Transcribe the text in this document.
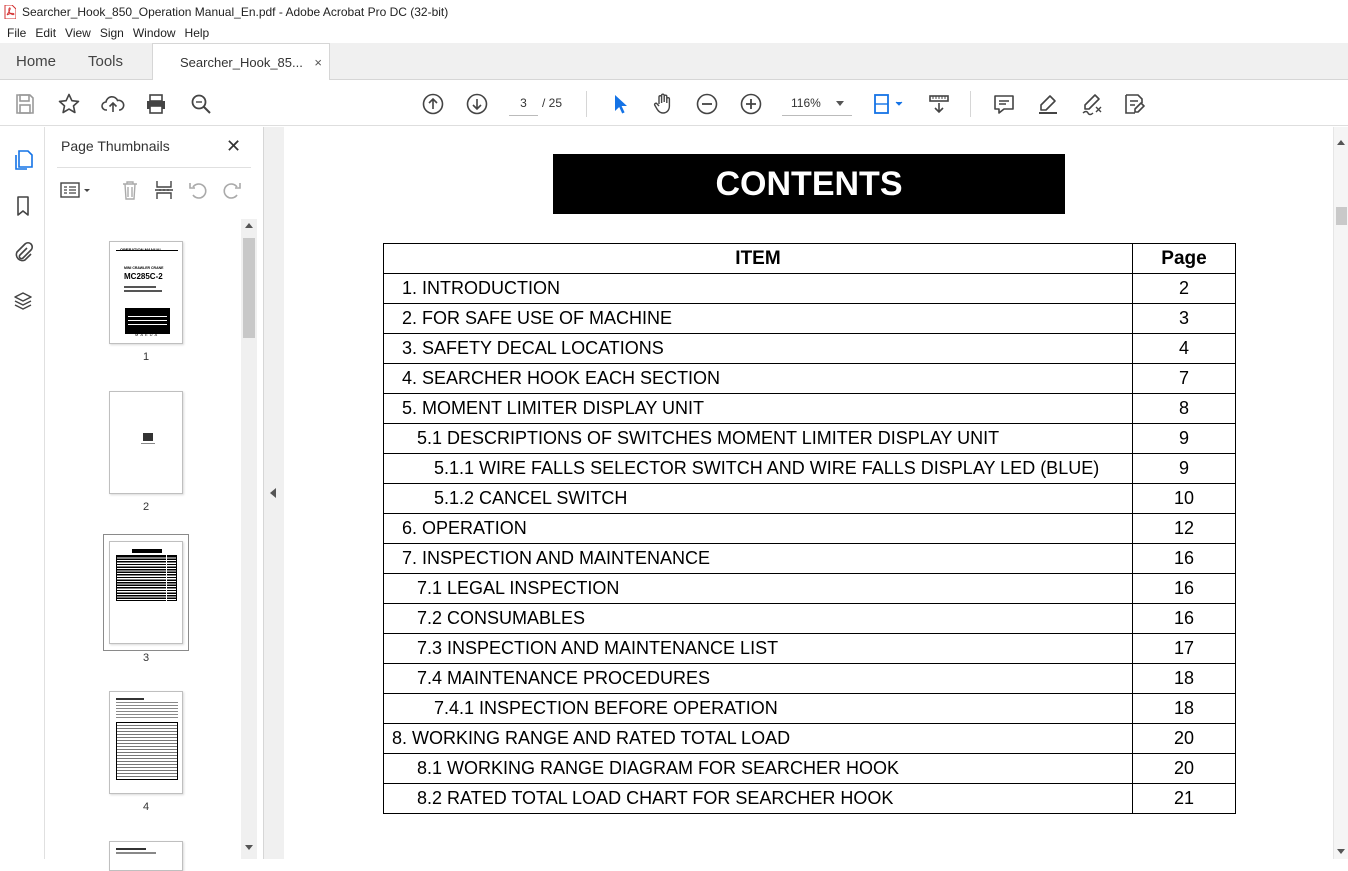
Searcher_Hook_850_Operation Manual_En.pdf - Adobe Acrobat Pro DC (32-bit)
File Edit View Sign Window Help
Home Tools	Searcher_Hook_85... ×
3	/ 25	116%
Page Thumbnails	✕
MINI CRAWLER CRANE
MC285C-2
MAEDA
1
2
3
4
CONTENTS
ITEM	Page
1. INTRODUCTION	2
2. FOR SAFE USE OF MACHINE	3
3. SAFETY DECAL LOCATIONS	4
4. SEARCHER HOOK EACH SECTION	7
5. MOMENT LIMITER DISPLAY UNIT	8
5.1 DESCRIPTIONS OF SWITCHES MOMENT LIMITER DISPLAY UNIT	9
5.1.1 WIRE FALLS SELECTOR SWITCH AND WIRE FALLS DISPLAY LED (BLUE)	9
5.1.2 CANCEL SWITCH	10
6. OPERATION	12
7. INSPECTION AND MAINTENANCE	16
7.1 LEGAL INSPECTION	16
7.2 CONSUMABLES	16
7.3 INSPECTION AND MAINTENANCE LIST	17
7.4 MAINTENANCE PROCEDURES	18
7.4.1 INSPECTION BEFORE OPERATION	18
8. WORKING RANGE AND RATED TOTAL LOAD	20
8.1 WORKING RANGE DIAGRAM FOR SEARCHER HOOK	20
8.2 RATED TOTAL LOAD CHART FOR SEARCHER HOOK	21
